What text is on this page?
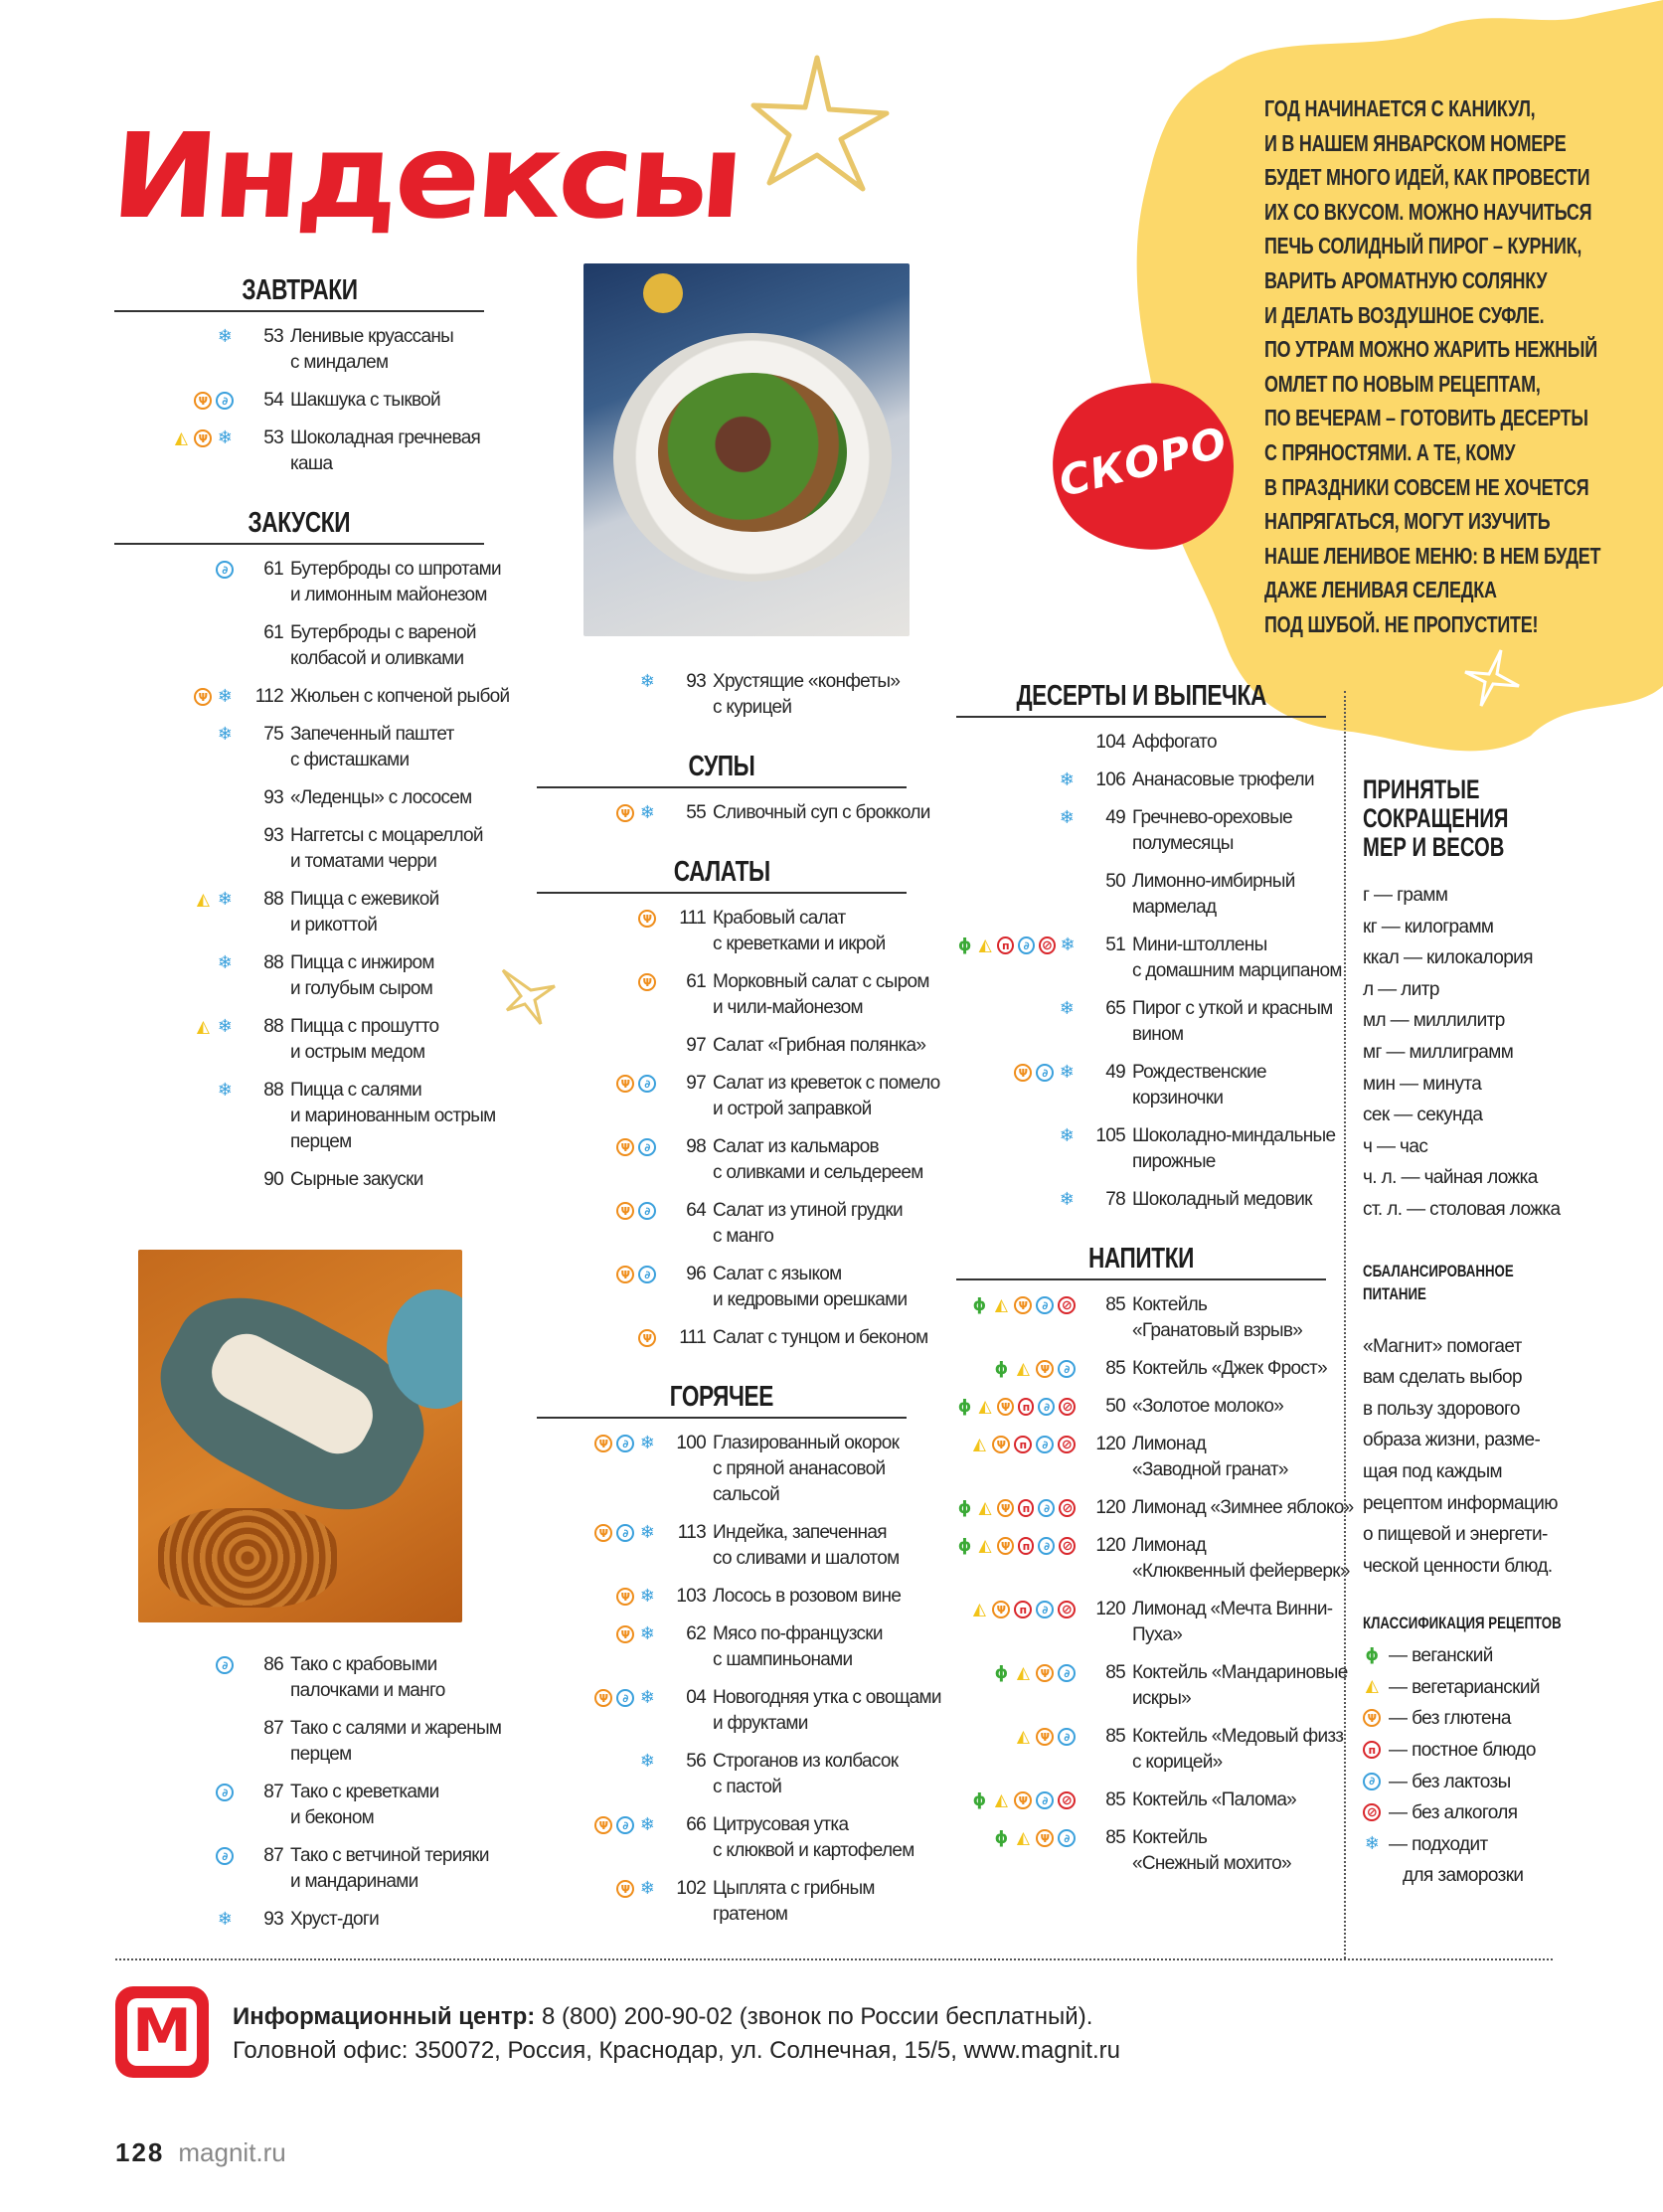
ГОД НАЧИНАЕТСЯ С КАНИКУЛ,
И В НАШЕМ ЯНВАРСКОМ НОМЕРЕ
БУДЕТ МНОГО ИДЕЙ, КАК ПРОВЕСТИ
ИХ СО ВКУСОМ. МОЖНО НАУЧИТЬСЯ
ПЕЧЬ СОЛИДНЫЙ ПИРОГ – КУРНИК,
ВАРИТЬ АРОМАТНУЮ СОЛЯНКУ
И ДЕЛАТЬ ВОЗДУШНОЕ СУФЛЕ.
ПО УТРАМ МОЖНО ЖАРИТЬ НЕЖНЫЙ
ОМЛЕТ ПО НОВЫМ РЕЦЕПТАМ,
ПО ВЕЧЕРАМ – ГОТОВИТЬ ДЕСЕРТЫ
С ПРЯНОСТЯМИ. А ТЕ, КОМУ
В ПРАЗДНИКИ СОВСЕМ НЕ ХОЧЕТСЯ
НАПРЯГАТЬСЯ, МОГУТ ИЗУЧИТЬ
НАШЕ ЛЕНИВОЕ МЕНЮ: В НЕМ БУДЕТ
ДАЖЕ ЛЕНИВАЯ СЕЛЕДКА
ПОД ШУБОЙ. НЕ ПРОПУСТИТЕ!
СКОРО
Индексы
ЗАВТРАКИ
❄	53 Ленивые круассаны
с миндалем
Ψ	∂	54 Шакшука с тыквой
◭	Ψ ❄	53 Шоколадная гречневая
каша
ЗАКУСКИ
∂	61 Бутерброды со шпротами
и лимонным майонезом
61 Бутерброды с вареной
колбасой и оливками
Ψ ❄	112 Жюльен с копченой рыбой
❄	75 Запеченный паштет
с фисташками
93 «Леденцы» с лососем
93 Наггетсы с моцареллой
и томатами черри
◭ ❄	88 Пицца с ежевикой
и рикоттой
❄	88 Пицца с инжиром
и голубым сыром
◭ ❄	88 Пицца с прошутто
и острым медом
❄	88 Пицца с салями
и маринованным острым
перцем
90 Сырные закуски
∂	86 Тако с крабовыми
палочками и манго
87 Тако с салями и жареным
перцем
∂	87 Тако с креветками
и беконом
∂	87 Тако с ветчиной терияки
и мандаринами
❄	93 Хруст-доги
❄	93 Хрустящие «конфеты»
с курицей
СУПЫ
Ψ ❄	55 Сливочный суп с брокколи
САЛАТЫ
Ψ	111 Крабовый салат
с креветками и икрой
Ψ	61 Морковный салат с сыром
и чили-майонезом
97 Салат «Грибная полянка»
Ψ	∂	97 Салат из креветок с помело
и острой заправкой
Ψ	∂	98 Салат из кальмаров
с оливками и сельдереем
Ψ	∂	64 Салат из утиной грудки
с манго
Ψ	∂	96 Салат с языком
и кедровыми орешками
Ψ	111 Салат с тунцом и беконом
ГОРЯЧЕЕ
Ψ	∂ ❄	100 Глазированный окорок
с пряной ананасовой
сальсой
Ψ	∂ ❄	113 Индейка, запеченная
со сливами и шалотом
Ψ ❄	103 Лосось в розовом вине
Ψ ❄	62 Мясо по-французски
с шампиньонами
Ψ	∂ ❄	04 Новогодняя утка с овощами
и фруктами
❄	56 Строганов из колбасок
с пастой
Ψ	∂ ❄	66 Цитрусовая утка
с клюквой и картофелем
Ψ ❄	102 Цыплята с грибным
гратеном
ДЕСЕРТЫ И ВЫПЕЧКА
104 Аффогато
❄	106 Ананасовые трюфели
❄	49 Гречнево-ореховые
полумесяцы
50 Лимонно-имбирный
мармелад
ϕ ◭	п	∂	⊘ ❄	51 Мини-штоллены
с домашним марципаном
❄	65 Пирог с уткой и красным
вином
Ψ	∂ ❄	49 Рождественские
корзиночки
❄	105 Шоколадно-миндальные
пирожные
❄	78 Шоколадный медовик
НАПИТКИ
ϕ ◭	Ψ	∂	⊘	85 Коктейль
«Гранатовый взрыв»
ϕ ◭	Ψ	∂	85 Коктейль «Джек Фрост»
ϕ ◭ Ψ	п	∂	⊘	50 «Золотое молоко»
◭	Ψ	п	∂	⊘	120 Лимонад
«Заводной гранат»
ϕ ◭ Ψ	п	∂	⊘	120 Лимонад «Зимнее яблоко»
ϕ ◭ Ψ	п	∂	⊘	120 Лимонад
«Клюквенный фейерверк»
◭	Ψ	п	∂	⊘	120 Лимонад «Мечта Винни-
Пуха»
ϕ ◭	Ψ	∂	85 Коктейль «Мандариновые
искры»
◭	Ψ	∂	85 Коктейль «Медовый физз
с корицей»
ϕ ◭	Ψ	∂	⊘	85 Коктейль «Палома»
ϕ ◭	Ψ	∂	85 Коктейль
«Снежный мохито»
ПРИНЯТЫЕ
СОКРАЩЕНИЯ
МЕР И ВЕСОВ
г — грамм
кг — килограмм
ккал — килокалория
л — литр
мл — миллилитр
мг — миллиграмм
мин — минута
сек — секунда
ч — час
ч. л. — чайная ложка
ст. л. — столовая ложка
СБАЛАНСИРОВАННОЕ
ПИТАНИЕ
«Магнит» помогает
вам сделать выбор
в пользу здорового
образа жизни, разме-
щая под каждым
рецептом информацию
о пищевой и энергети-
ческой ценности блюд.
КЛАССИФИКАЦИЯ РЕЦЕПТОВ
ϕ — веганский
◭ — вегетарианский
Ψ — без глютена
п — постное блюдо
∂ — без лактозы
⊘ — без алкоголя
❄ — подходит
для заморозки
М	Информационный центр: 8 (800) 200-90-02 (звонок по России бесплатный).
Головной офис: 350072, Россия, Краснодар, ул. Солнечная, 15/5, www.magnit.ru
128 magnit.ru
